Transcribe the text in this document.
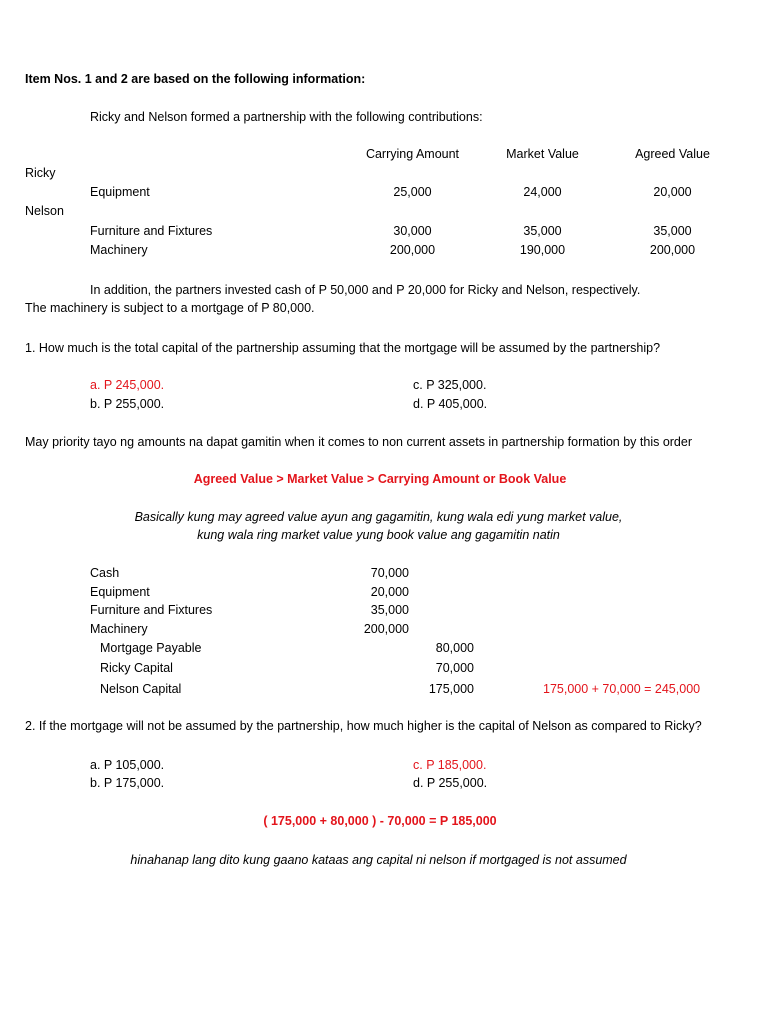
Item Nos. 1 and 2 are based on the following information:
Ricky and Nelson formed a partnership with the following contributions:
Carrying Amount	Market Value	Agreed Value
Ricky
Equipment	25,000	24,000	20,000
Nelson
Furniture and Fixtures	30,000	35,000	35,000
Machinery	200,000	190,000	200,000
In addition, the partners invested cash of P 50,000 and P 20,000 for Ricky and Nelson, respectively.
The machinery is subject to a mortgage of P 80,000.
1. How much is the total capital of the partnership assuming that the mortgage will be assumed by the partnership?
a. P 245,000.
b. P 255,000.
c. P 325,000.
d. P 405,000.
May priority tayo ng amounts na dapat gamitin when it comes to non current assets in partnership formation by this order
Agreed Value > Market Value > Carrying Amount or Book Value
Basically kung may agreed value ayun ang gagamitin, kung wala edi yung market value,
kung wala ring market value yung book value ang gagamitin natin
Cash	70,000
Equipment	20,000
Furniture and Fixtures	35,000
Machinery	200,000
Mortgage Payable	80,000
Ricky Capital	70,000
Nelson Capital	175,000	175,000 + 70,000 = 245,000
2. If the mortgage will not be assumed by the partnership, how much higher is the capital of Nelson as compared to Ricky?
a. P 105,000.
b. P 175,000.
c. P 185,000.
d. P 255,000.
( 175,000 + 80,000 ) - 70,000 = P 185,000
hinahanap lang dito kung gaano kataas ang capital ni nelson if mortgaged is not assumed
